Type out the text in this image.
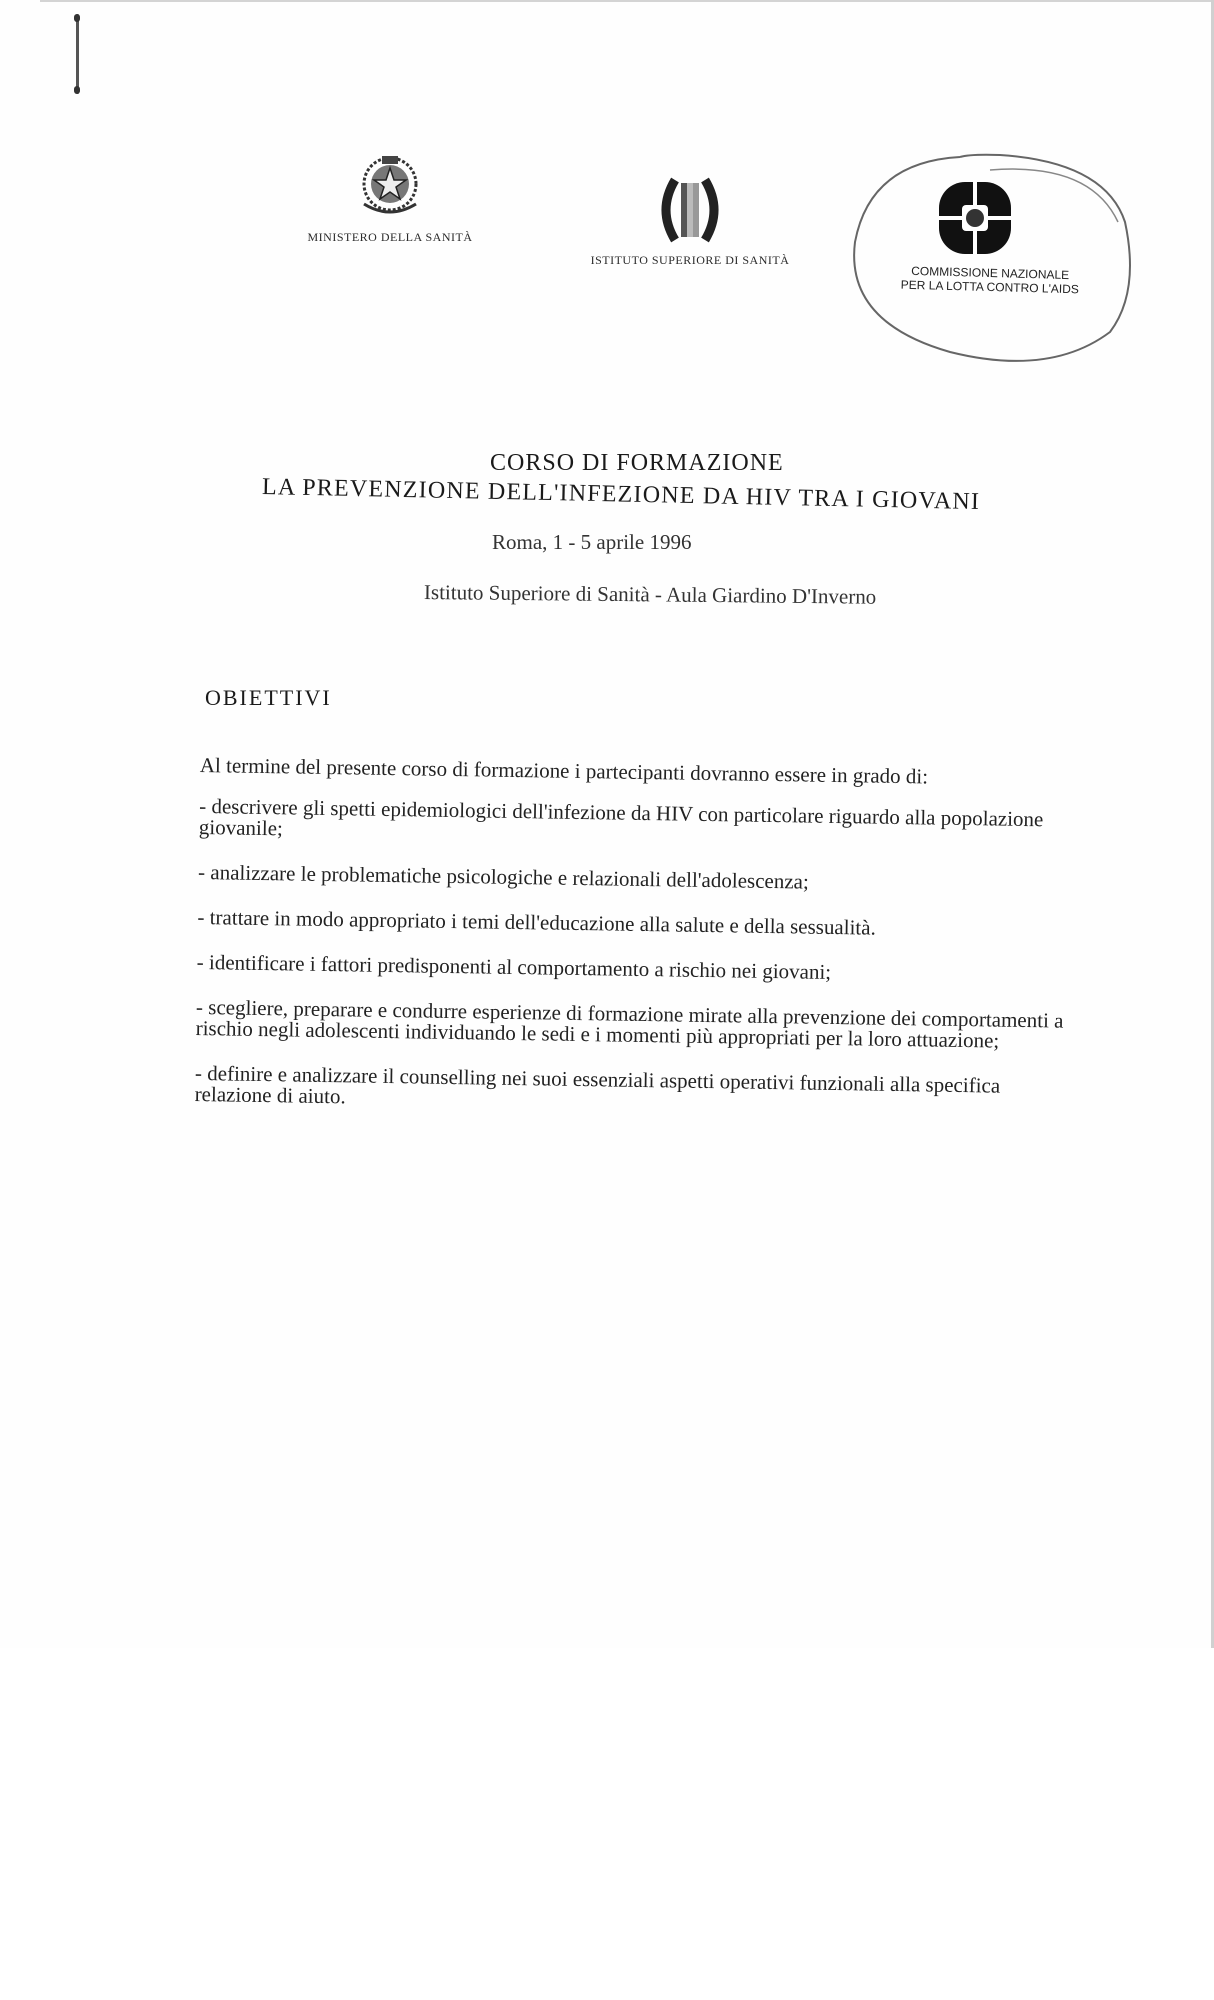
MINISTERO DELLA SANITÀ
ISTITUTO SUPERIORE DI SANITÀ
COMMISSIONE NAZIONALE
PER LA LOTTA CONTRO L'AIDS
CORSO DI FORMAZIONE
LA PREVENZIONE DELL'INFEZIONE DA HIV TRA I GIOVANI
Roma, 1 - 5 aprile 1996
Istituto Superiore di Sanità - Aula Giardino D'Inverno
OBIETTIVI

Al termine del presente corso di formazione i partecipanti dovranno essere in grado di:

- descrivere gli spetti epidemiologici dell'infezione da HIV con particolare riguardo alla popolazione giovanile;

- analizzare le problematiche psicologiche e relazionali dell'adolescenza;

- trattare in modo appropriato i temi dell'educazione alla salute e della sessualità.

- identificare i fattori predisponenti al comportamento a rischio nei giovani;

- scegliere, preparare e condurre esperienze di formazione mirate alla prevenzione dei comportamenti a rischio negli adolescenti individuando le sedi e i momenti più appropriati per la loro attuazione;

- definire e analizzare il counselling nei suoi essenziali aspetti operativi funzionali alla specifica relazione di aiuto.
